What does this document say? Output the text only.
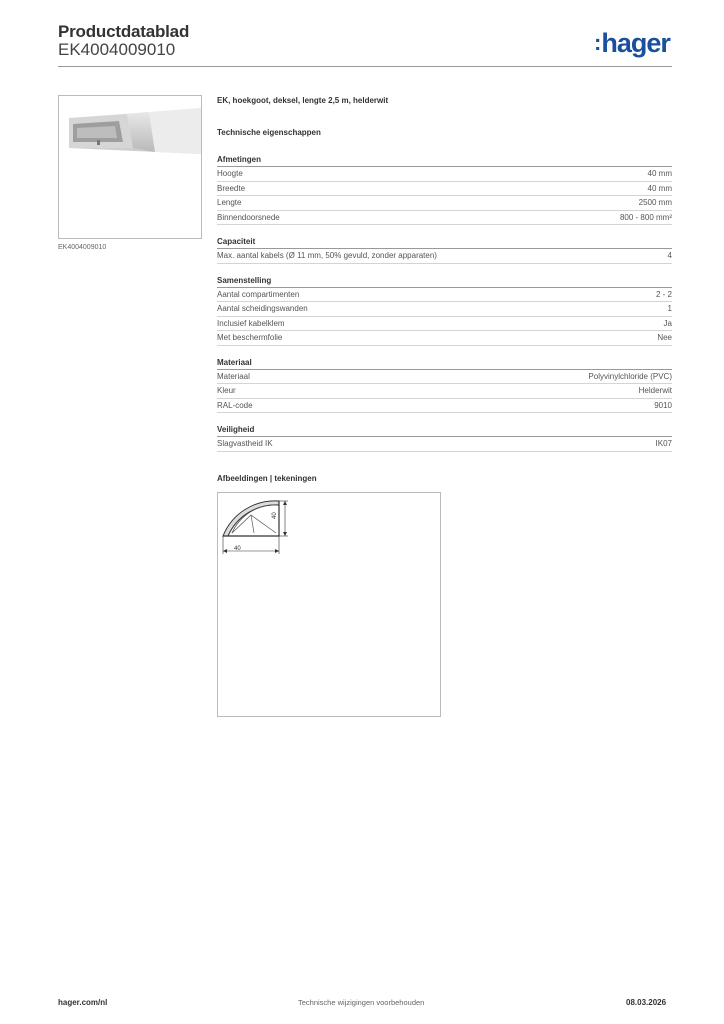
Productdatablad
EK4004009010	:hager
EK4004009010
EK, hoekgoot, deksel, lengte 2,5 m, helderwit
Technische eigenschappen
Afmetingen
Hoogte	40 mm
Breedte	40 mm
Lengte	2500 mm
Binnendoorsnede	800 - 800 mm²
Capaciteit
Max. aantal kabels (Ø 11 mm, 50% gevuld, zonder apparaten)	4
Samenstelling
Aantal compartimenten	2 - 2
Aantal scheidingswanden	1
Inclusief kabelklem	Ja
Met beschermfolie	Nee
Materiaal
Materiaal	Polyvinylchloride (PVC)
Kleur	Helderwit
RAL-code	9010
Veiligheid
Slagvastheid IK	IK07
Afbeeldingen | tekeningen
40
40
hager.com/nl	Technische wijzigingen voorbehouden	08.03.2026
